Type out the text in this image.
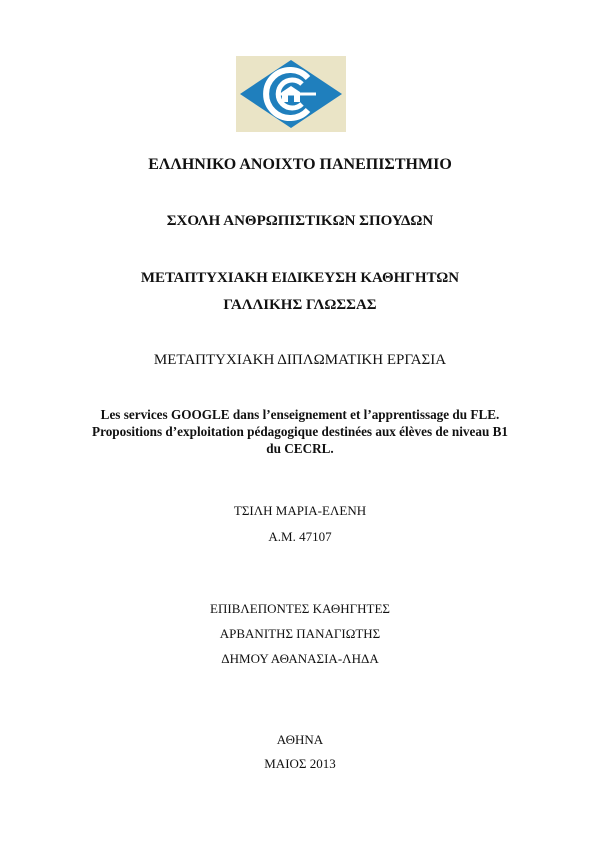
ΕΛΛΗΝΙΚΟ ΑΝΟΙΧΤΟ ΠΑΝΕΠΙΣΤΗΜΙΟ
ΣΧΟΛΗ ΑΝΘΡΩΠΙΣΤΙΚΩΝ ΣΠΟΥΔΩΝ
ΜΕΤΑΠΤΥΧΙΑΚΗ ΕΙΔΙΚΕΥΣΗ ΚΑΘΗΓΗΤΩΝ
ΓΑΛΛΙΚΗΣ ΓΛΩΣΣΑΣ
ΜΕΤΑΠΤΥΧΙΑΚΗ ΔΙΠΛΩΜΑΤΙΚΗ ΕΡΓΑΣΙΑ
Les services GOOGLE dans l’enseignement et l’apprentissage du FLE. Propositions d’exploitation pédagogique destinées aux élèves de niveau B1 du CECRL.
ΤΣΙΛΗ ΜΑΡΙΑ-ΕΛΕΝΗ
Α.Μ. 47107
ΕΠΙΒΛΕΠΟΝΤΕΣ ΚΑΘΗΓΗΤΕΣ
ΑΡΒΑΝΙΤΗΣ ΠΑΝΑΓΙΩΤΗΣ
ΔΗΜΟΥ ΑΘΑΝΑΣΙΑ-ΛΗΔΑ
ΑΘΗΝΑ
ΜΑΙΟΣ 2013
